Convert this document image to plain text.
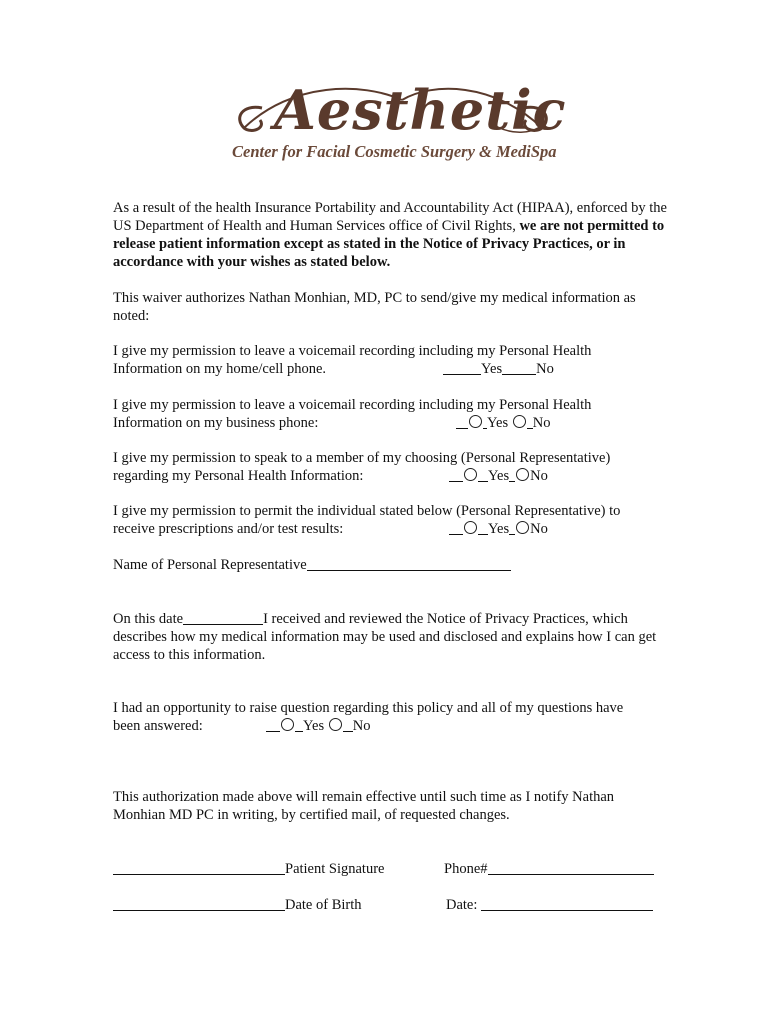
Aesthetic
Center for Facial Cosmetic Surgery & MediSpa
As a result of the health Insurance Portability and Accountability Act (HIPAA), enforced by the US Department of Health and Human Services office of Civil Rights, we are not permitted to release patient information except as stated in the Notice of Privacy Practices, or in accordance with your wishes as stated below.
This waiver authorizes Nathan Monhian, MD, PC to send/give my medical information as noted:
I give my permission to leave a voicemail recording including my Personal Health
Information on my home/cell phone.	Yes No
I give my permission to leave a voicemail recording including my Personal Health
Information on my business phone:	Yes No
I give my permission to speak to a member of my choosing (Personal Representative)
regarding my Personal Health Information:	Yes No
I give my permission to permit the individual stated below (Personal Representative) to
receive prescriptions and/or test results:	Yes No
Name of Personal Representative
On this date	I received and reviewed the Notice of Privacy Practices, which describes how my medical information may be used and disclosed and explains how I can get access to this information.
I had an opportunity to raise question regarding this policy and all of my questions have
been answered:	Yes No
This authorization made above will remain effective until such time as I notify Nathan Monhian MD PC in writing, by certified mail, of requested changes.
Patient Signature	Phone#
Date of Birth	Date:
